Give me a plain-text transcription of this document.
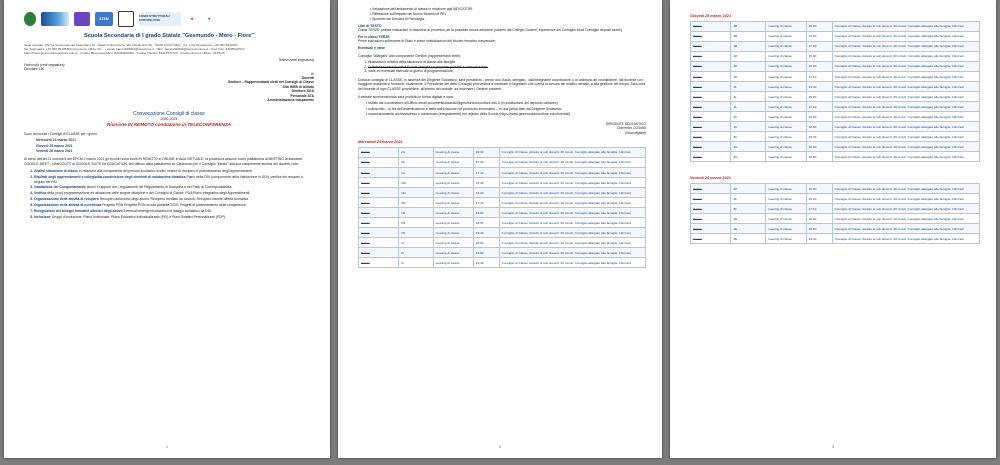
STEM
FONDI STRUTTURALI EUROPEI PON	★	✦
Scuola Secondaria di I grado Statale "Gesmundo - Moro - Fiore"
Sede centrale: Piazza Gesmundo dei Salernitani 19 - Palazzo Moro-Fiore, Via Casalicchio 50 - 70038 Terlizzi (BA) - Tel. e fax Presidenza: +39 080 3511050
Tel. Segreteria: +39 080 3510836/cod.univoco ufficio UF.... - email: bamm290002@istruzione.it - PEC: bamm290002@pec.istruzione.it - Cod. Fisc. 83005920727
https://www.gesmundomorofiore.edu.it/ - Codice Meccanografico: BAMM290002 - Codice Fiscale: 83437870723 - Codice univoco Ufficio: UFZTG6
Terlizzi (vedi segnatura)
Protocollo (vedi segnatura)
Circolare 136
Ai
Docenti
Genitori – Rappresentanti eletti nei Consigli di Classe
Sito WEB di Istituto
Direttore SGA
Personale ATA
Amministrazione trasparente
Convocazione Consigli di classe
2020-2021
Riunione IN REMOTO conduzione in TELECONFERENZA
Sono convocati i Consigli di CLASSE per i giorni:
Mercoledì 24 marzo 2021
Giovedì 25 marzo 2021
Venerdì 26 marzo 2021
Ai sensi dell'art.21 comma 5 del DPCM 2 marzo 2021 gli incontri sono svolti IN REMOTO in ONLINE in Aula VIRTUALE, la procedura assume come piattaforma di MEETING la standard GOOGLE MEET - HANGOUTS di GOOGLE SUITE for EDUCATION, link diffuso dalla piattaforma su Classroom per il Consiglio "intrato" alla sua componente tecnica dei docenti, note:
1. Analisi situazione di classe in relazione alla componente del periodo scolastico svolto, misure di recupero e potenziamento degli apprendimenti.
2. Risultati degli apprendimenti e collegialità-condivisione degli elementi di valutazione didattica Piano della DDI (componente della Valutazione in DDI), verifica dei recuperi a seguito dei PAI.
3. Valutazione del Comportamento alunni e rapporti con i regolamenti nel Regolamento di Disciplina e nel Patto di Corresponsabilità.
4. Verifica della (non) programmazione ed attuazione delle singole discipline e del Consiglio di Classe: PDA Piano Integrativo degli Apprendimenti.
5. Organizzazione delle attività di recupero Recupero autonomo degli alunni; Recupero mediato da docenti; Recupero tramite offerta formativa.
6. Organizzazione delle attività di eccellenza Progetto PON Progetto PON scuola parlante.2020; Progetti di potenziamento delle competenze.
7. Ricognizione dei bisogni formativi ulteriori degli alunni Eventuali emergenti situazioni di disagio scolastico da DDI.
8. Inclusione Gruppi di inclusione, Piano Individuale, Piano Educativo Individualizzato (PEI) e Piani Didattici Personalizzati (PDP).
1
• Valutazione dell'andamento di classe in relazione agli INDICATORI.
• Riflessione sull'impatto del Nuovo Modello di PEI.
• Sportello del Servizio di Psicologia.
Libri di TESTO
Classi TERZE: pratica indicazioni in relazione al processo per la possibile nuova adozione (schemi dal Collegio Docenti, esperienze dei Consiglio Modi Consiglio deposti alunni).
Per le classi TERZE
Prime indicazioni sull'esame di Stato e prime individuazioni del Nucleo tematico trasversale;
Eventuali e varie
Consiglio "allargato" alla componente Genitori (rappresentanti eletti):
1. Illustrazione relativa della situazione di classe alle famiglie.
2. Collaborazione educativa Scuola-famiglia su proposte possibili e comunicazioni.
3. Varie ed eventuali riservate al giorno di programmazione.
Ciascun consiglio di CLASSE, in assenza del Dirigente Scolastico, sarà presieduto - previo uso d'aula, delegato - dall'insegnante coordinatore o, in assenza del coordinatore, dal docente con maggiore anzianità in funzione; ritualmente. Il Presidente del detto Consiglio provvederà a nominare il Segretario che curerà la stesura del relativo verbale, e alla gestione del tempo. Sarà cura del docente di ogni CLASSE provvedere, all'interno del verbale, ad informare i Genitori presenti.
Il verbale summenzionato sarà prodotto in forma digitale e sarà:
• inviato dal coordinatore all'Ufficio email documentiscolastici@gesmundomorofiore.edu.it (in sostituzione del deposito cartaceo).
• sottoscritto – ai fini dell'autenticazione e della archiviazione nel protocollo informatico – in una prima fase dal Dirigente Scolastico.
• successivamente archiviato/reso e conservato (integralmente) nel registro della Scuola (https://www.gesmundomorofiore.edu.it/verbali).
DIRIGENTE SCOLASTICO
Domenico COSMAI
(firma digitale)
Mercoledì 24 marzo 2021
classe	2A	meeting di classe	15:30	Consiglio di Classe ristretto ai soli docenti: 40 minuti. Consiglio allargato alle famiglie: 10minuti
classe	2A	meeting di classe	16:20	Consiglio di Classe ristretto ai soli docenti: 40 minuti. Consiglio allargato alle famiglie: 10minuti
classe	1A	meeting di classe	17:10	Consiglio di Classe ristretto ai soli docenti: 40 minuti. Consiglio allargato alle famiglie: 10minuti
classe	2M	meeting di classe	15:30	Consiglio di Classe ristretto ai soli docenti: 40 minuti. Consiglio allargato alle famiglie: 10minuti
classe	1M	meeting di classe	16:20	Consiglio di Classe ristretto ai soli docenti: 40 minuti. Consiglio allargato alle famiglie: 10minuti
classe	3M	meeting di classe	17:10	Consiglio di Classe ristretto ai soli docenti: 40 minuti. Consiglio allargato alle famiglie: 10minuti
classe	1N	meeting di classe	18:00	Consiglio di Classe ristretto ai soli docenti: 40 minuti. Consiglio allargato alle famiglie: 10minuti
classe	3N	meeting di classe	18:50	Consiglio di Classe ristretto ai soli docenti: 40 minuti. Consiglio allargato alle famiglie: 10minuti
classe	2N	meeting di classe	19:40	Consiglio di Classe ristretto ai soli docenti: 40 minuti. Consiglio allargato alle famiglie: 10minuti
classe	1I	meeting di classe	18:00	Consiglio di Classe ristretto ai soli docenti: 40 minuti. Consiglio allargato alle famiglie: 10minuti
classe	2I	meeting di classe	18:50	Consiglio di Classe ristretto ai soli docenti: 40 minuti. Consiglio allargato alle famiglie: 10minuti
classe	3I	meeting di classe	19:40	Consiglio di Classe ristretto ai soli docenti: 40 minuti. Consiglio allargato alle famiglie: 10minuti
2
Giovedì 25 marzo 2021
classe	3B	meeting di classe	15:30	Consiglio di Classe ristretto ai soli docenti: 40 minuti. Consiglio allargato alle famiglie: 10minuti
classe	2B	meeting di classe	16:20	Consiglio di Classe ristretto ai soli docenti: 40 minuti. Consiglio allargato alle famiglie: 10minuti
classe	1B	meeting di classe	17:10	Consiglio di Classe ristretto ai soli docenti: 40 minuti. Consiglio allargato alle famiglie: 10minuti
classe	2D	meeting di classe	15:30	Consiglio di Classe ristretto ai soli docenti: 40 minuti. Consiglio allargato alle famiglie: 10minuti
classe	3D	meeting di classe	16:20	Consiglio di Classe ristretto ai soli docenti: 40 minuti. Consiglio allargato alle famiglie: 10minuti
classe	1D	meeting di classe	17:10	Consiglio di Classe ristretto ai soli docenti: 40 minuti. Consiglio allargato alle famiglie: 10minuti
classe	3L	meeting di classe	15:30	Consiglio di Classe ristretto ai soli docenti: 40 minuti. Consiglio allargato alle famiglie: 10minuti
classe	2L	meeting di classe	16:20	Consiglio di Classe ristretto ai soli docenti: 40 minuti. Consiglio allargato alle famiglie: 10minuti
classe	1L	meeting di classe	17:10	Consiglio di Classe ristretto ai soli docenti: 40 minuti. Consiglio allargato alle famiglie: 10minuti
classe	2C	meeting di classe	18:00	Consiglio di Classe ristretto ai soli docenti: 40 minuti. Consiglio allargato alle famiglie: 10minuti
classe	1C	meeting di classe	18:50	Consiglio di Classe ristretto ai soli docenti: 40 minuti. Consiglio allargato alle famiglie: 10minuti
classe	3C	meeting di classe	19:40	Consiglio di Classe ristretto ai soli docenti: 40 minuti. Consiglio allargato alle famiglie: 10minuti
classe	2G	meeting di classe	18:00	Consiglio di Classe ristretto ai soli docenti: 40 minuti. Consiglio allargato alle famiglie: 10minuti
classe	3G	meeting di classe	18:50	Consiglio di Classe ristretto ai soli docenti: 40 minuti. Consiglio allargato alle famiglie: 10minuti
Venerdì 26 marzo 2021
classe	3H	meeting di classe	15:30	Consiglio di Classe ristretto ai soli docenti: 40 minuti. Consiglio allargato alle famiglie: 10minuti
classe	2F	meeting di classe	16:20	Consiglio di Classe ristretto ai soli docenti: 40 minuti. Consiglio allargato alle famiglie: 10minuti
classe	3F	meeting di classe	17:10	Consiglio di Classe ristretto ai soli docenti: 40 minuti. Consiglio allargato alle famiglie: 10minuti
classe	1E	meeting di classe	18:00	Consiglio di Classe ristretto ai soli docenti: 40 minuti. Consiglio allargato alle famiglie: 10minuti
classe	2E	meeting di classe	18:50	Consiglio di Classe ristretto ai soli docenti: 40 minuti. Consiglio allargato alle famiglie: 10minuti
classe	3E	meeting di classe	19:40	Consiglio di Classe ristretto ai soli docenti: 40 minuti. Consiglio allargato alle famiglie: 10minuti
3
